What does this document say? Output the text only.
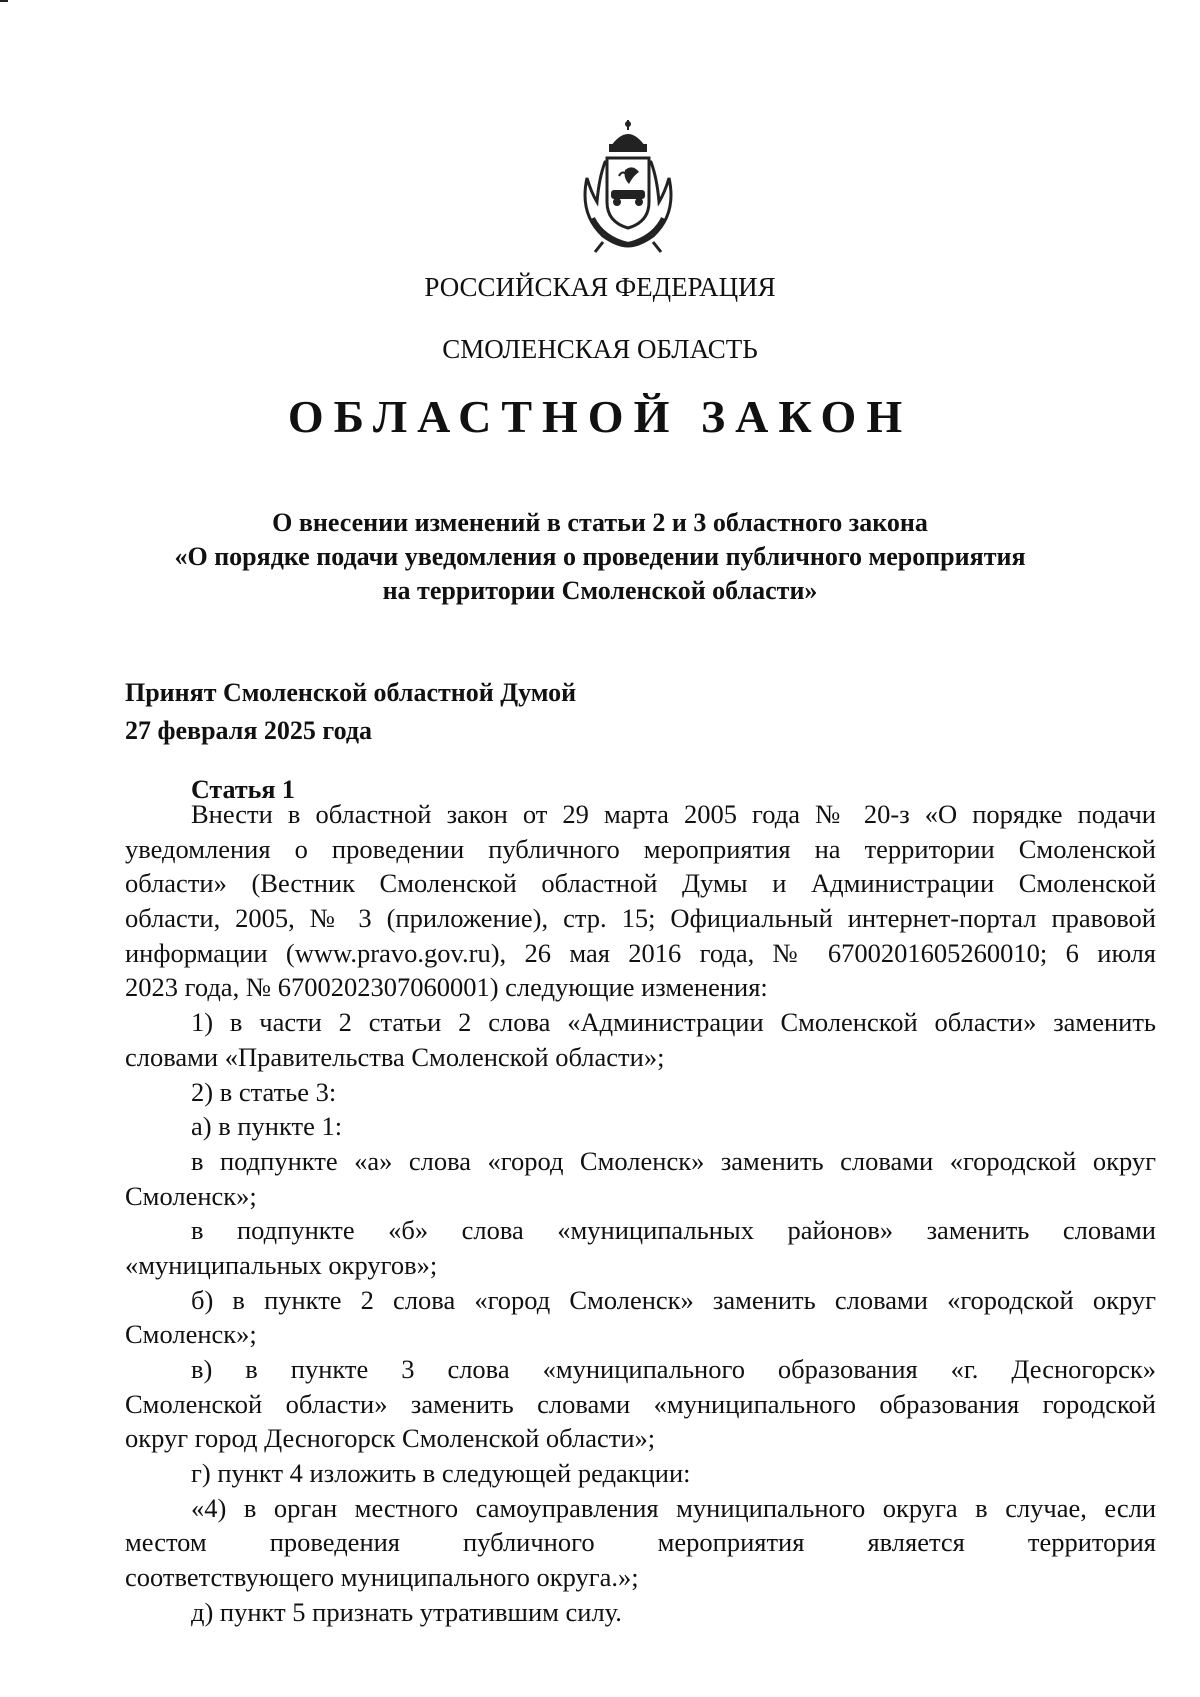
РОССИЙСКАЯ ФЕДЕРАЦИЯ
СМОЛЕНСКАЯ ОБЛАСТЬ
ОБЛАСТНОЙ ЗАКОН
О внесении изменений в статьи 2 и 3 областного закона
«О порядке подачи уведомления о проведении публичного мероприятия
на территории Смоленской области»
Принят Смоленской областной Думой
27 февраля 2025 года
Статья 1
Внести в областной закон от 29 марта 2005 года № 20-з «О порядке подачи
уведомления о проведении публичного мероприятия на территории Смоленской
области» (Вестник Смоленской областной Думы и Администрации Смоленской
области, 2005, № 3 (приложение), стр. 15; Официальный интернет-портал правовой
информации (www.pravo.gov.ru), 26 мая 2016 года, № 6700201605260010; 6 июля
2023 года, № 6700202307060001) следующие изменения:
1) в части 2 статьи 2 слова «Администрации Смоленской области» заменить
словами «Правительства Смоленской области»;
2) в статье 3:
а) в пункте 1:
в подпункте «а» слова «город Смоленск» заменить словами «городской округ
Смоленск»;
в подпункте «б» слова «муниципальных районов» заменить словами
«муниципальных округов»;
б) в пункте 2 слова «город Смоленск» заменить словами «городской округ
Смоленск»;
в) в пункте 3 слова «муниципального образования «г. Десногорск»
Смоленской области» заменить словами «муниципального образования городской
округ город Десногорск Смоленской области»;
г) пункт 4 изложить в следующей редакции:
«4) в орган местного самоуправления муниципального округа в случае, если
местом проведения публичного мероприятия является территория
соответствующего муниципального округа.»;
д) пункт 5 признать утратившим силу.
